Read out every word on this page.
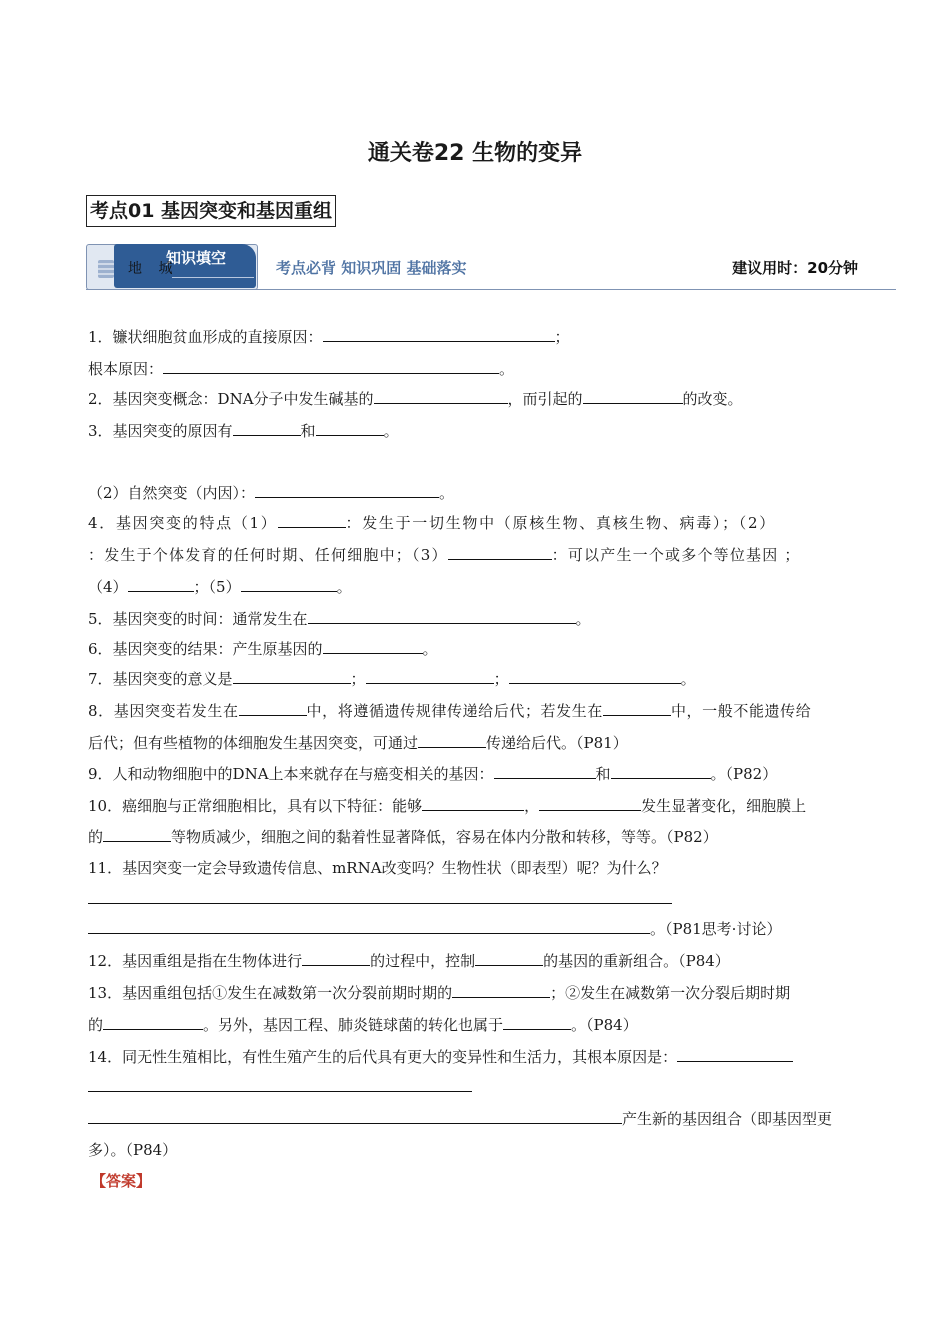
通关卷22 生物的变异
考点01 基因突变和基因重组
知识填空
地 城	考点必背 知识巩固 基础落实	建议用时：20分钟
1．镰状细胞贫血形成的直接原因：	；
根本原因：	。
2．基因突变概念：DNA分子中发生碱基的	，而引起的	的改变。
3．基因突变的原因有	和	。
（2）自然突变（内因）：	。
4．基因突变的特点（1）	：发生于一切生物中（原核生物、真核生物、病毒）；（2）
：发生于个体发育的任何时期、任何细胞中；（3）	：可以产生一个或多个等位基因 ；
（4）	；（5）	。
5．基因突变的时间：通常发生在	。
6．基因突变的结果：产生原基因的	。
7．基因突变的意义是	；	；	。
8．基因突变若发生在	中，将遵循遗传规律传递给后代；若发生在	中，一般不能遗传给
后代；但有些植物的体细胞发生基因突变，可通过	传递给后代。（P81）
9．人和动物细胞中的DNA上本来就存在与癌变相关的基因：	和	。（P82）
10．癌细胞与正常细胞相比，具有以下特征：能够	，	发生显著变化，细胞膜上
的	等物质减少，细胞之间的黏着性显著降低，容易在体内分散和转移，等等。（P82）
11．基因突变一定会导致遗传信息、mRNA改变吗？生物性状（即表型）呢？为什么？
。（P81思考·讨论）
12．基因重组是指在生物体进行	的过程中，控制	的基因的重新组合。（P84）
13．基因重组包括①发生在减数第一次分裂前期时期的	；②发生在减数第一次分裂后期时期
的	。另外，基因工程、肺炎链球菌的转化也属于	。（P84）
14．同无性生殖相比，有性生殖产生的后代具有更大的变异性和生活力，其根本原因是：
产生新的基因组合（即基因型更
多）。（P84）
【答案】
